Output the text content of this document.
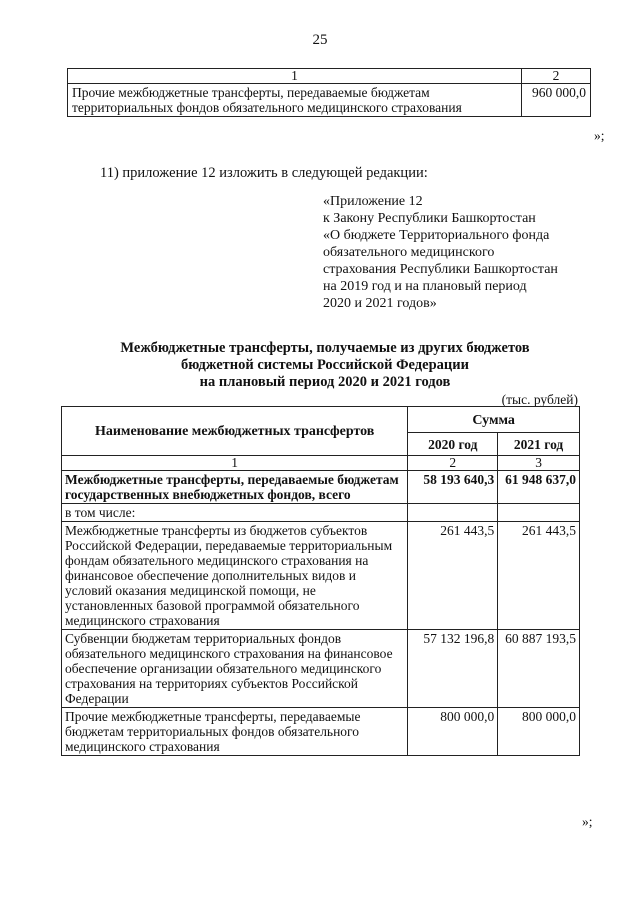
25
1	2
Прочие межбюджетные трансферты, передаваемые бюджетам территориальных фондов обязательного медицинского страхования	960 000,0
»;
11) приложение 12 изложить в следующей редакции:
«Приложение 12
к Закону Республики Башкортостан
«О бюджете Территориального фонда
обязательного медицинского
страхования Республики Башкортостан
на 2019 год и на плановый период
2020 и 2021 годов»
Межбюджетные трансферты, получаемые из других бюджетов
бюджетной системы Российской Федерации
на плановый период 2020 и 2021 годов
(тыс. рублей)
Наименование межбюджетных трансфертов	Сумма	
	2020 год	2021 год
1	2	3
Межбюджетные трансферты, передаваемые бюджетам государственных внебюджетных фондов, всего	58 193 640,3	61 948 637,0
в том числе:		
Межбюджетные трансферты из бюджетов субъектов Российской Федерации, передаваемые территориальным фондам обязательного медицинского страхования на финансовое обеспечение дополнительных видов и условий оказания медицинской помощи, не установленных базовой программой обязательного медицинского страхования	261 443,5	261 443,5
Субвенции бюджетам территориальных фондов обязательного медицинского страхования на финансовое обеспечение организации обязательного медицинского страхования на территориях субъектов Российской Федерации	57 132 196,8	60 887 193,5
Прочие межбюджетные трансферты, передаваемые бюджетам территориальных фондов обязательного медицинского страхования	800 000,0	800 000,0
»;
